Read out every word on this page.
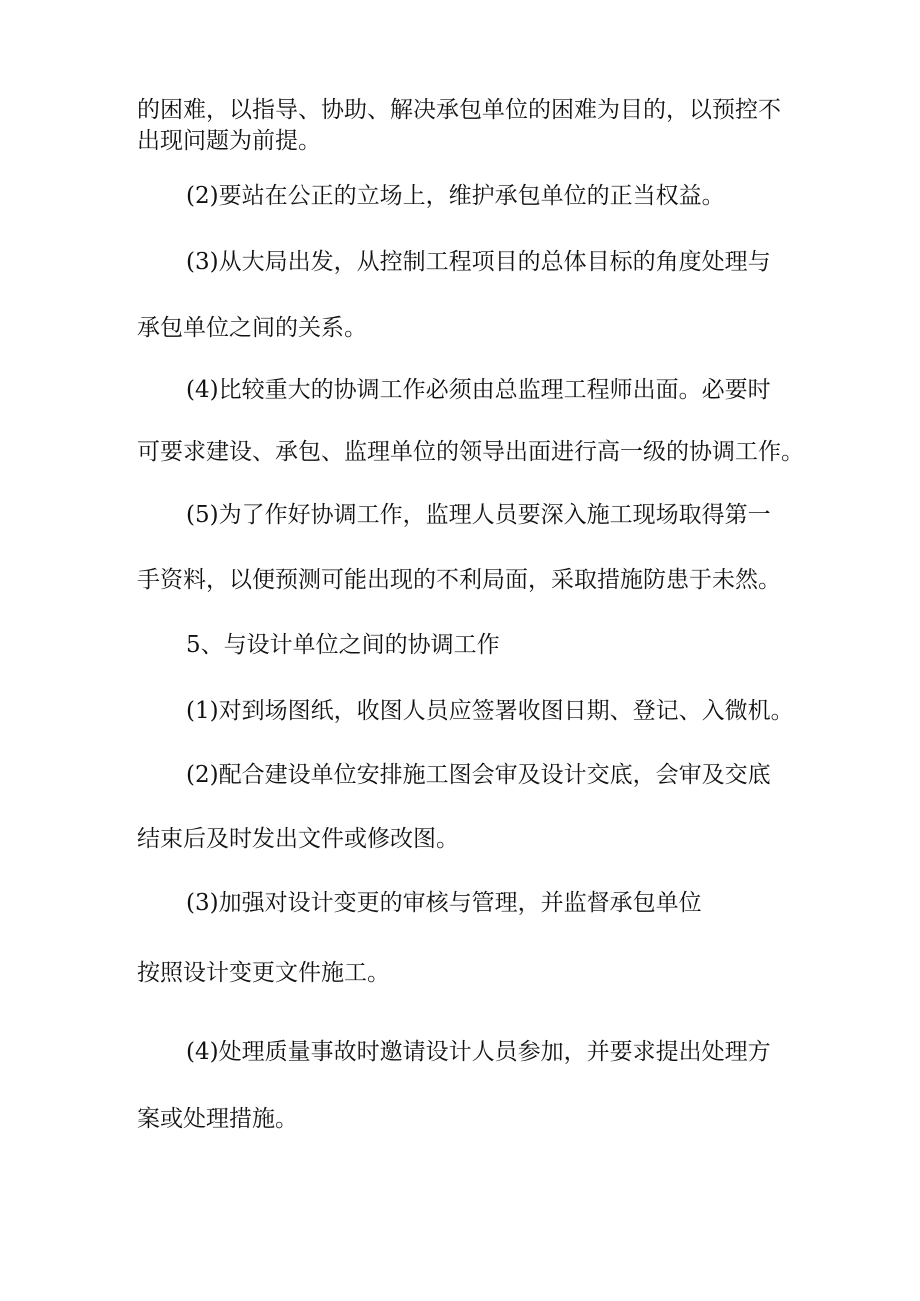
的困难，以指导、协助、解决承包单位的困难为目的，以预控不
出现问题为前提。
(2)要站在公正的立场上，维护承包单位的正当权益。
(3)从大局出发，从控制工程项目的总体目标的角度处理与
承包单位之间的关系。
(4)比较重大的协调工作必须由总监理工程师出面。必要时
可要求建设、承包、监理单位的领导出面进行高一级的协调工作。
(5)为了作好协调工作，监理人员要深入施工现场取得第一
手资料，以便预测可能出现的不利局面，采取措施防患于未然。
5、与设计单位之间的协调工作
(1)对到场图纸，收图人员应签署收图日期、登记、入微机。
(2)配合建设单位安排施工图会审及设计交底，会审及交底
结束后及时发出文件或修改图。
(3)加强对设计变更的审核与管理，并监督承包单位
按照设计变更文件施工。
(4)处理质量事故时邀请设计人员参加，并要求提出处理方
案或处理措施。
